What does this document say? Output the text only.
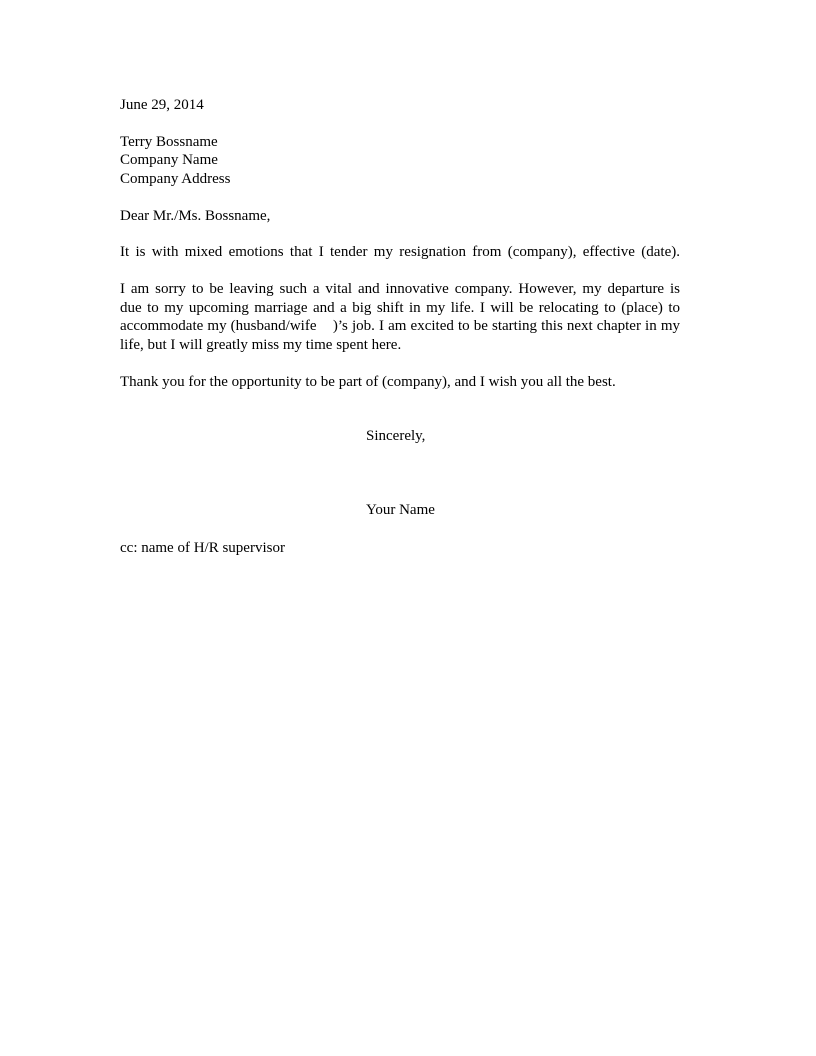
June 29, 2014
Terry Bossname
Company Name
Company Address
Dear Mr./Ms. Bossname,
It is with mixed emotions that I tender my resignation from (company), effective (date).
I am sorry to be leaving such a vital and innovative company. However, my departure is
due to my upcoming marriage and a big shift in my life. I will be relocating to (place) to
accommodate my (husband/wife    )’s job. I am excited to be starting this next chapter in my
life, but I will greatly miss my time spent here.
Thank you for the opportunity to be part of (company), and I wish you all the best.
Sincerely,
Your Name
cc: name of H/R supervisor
